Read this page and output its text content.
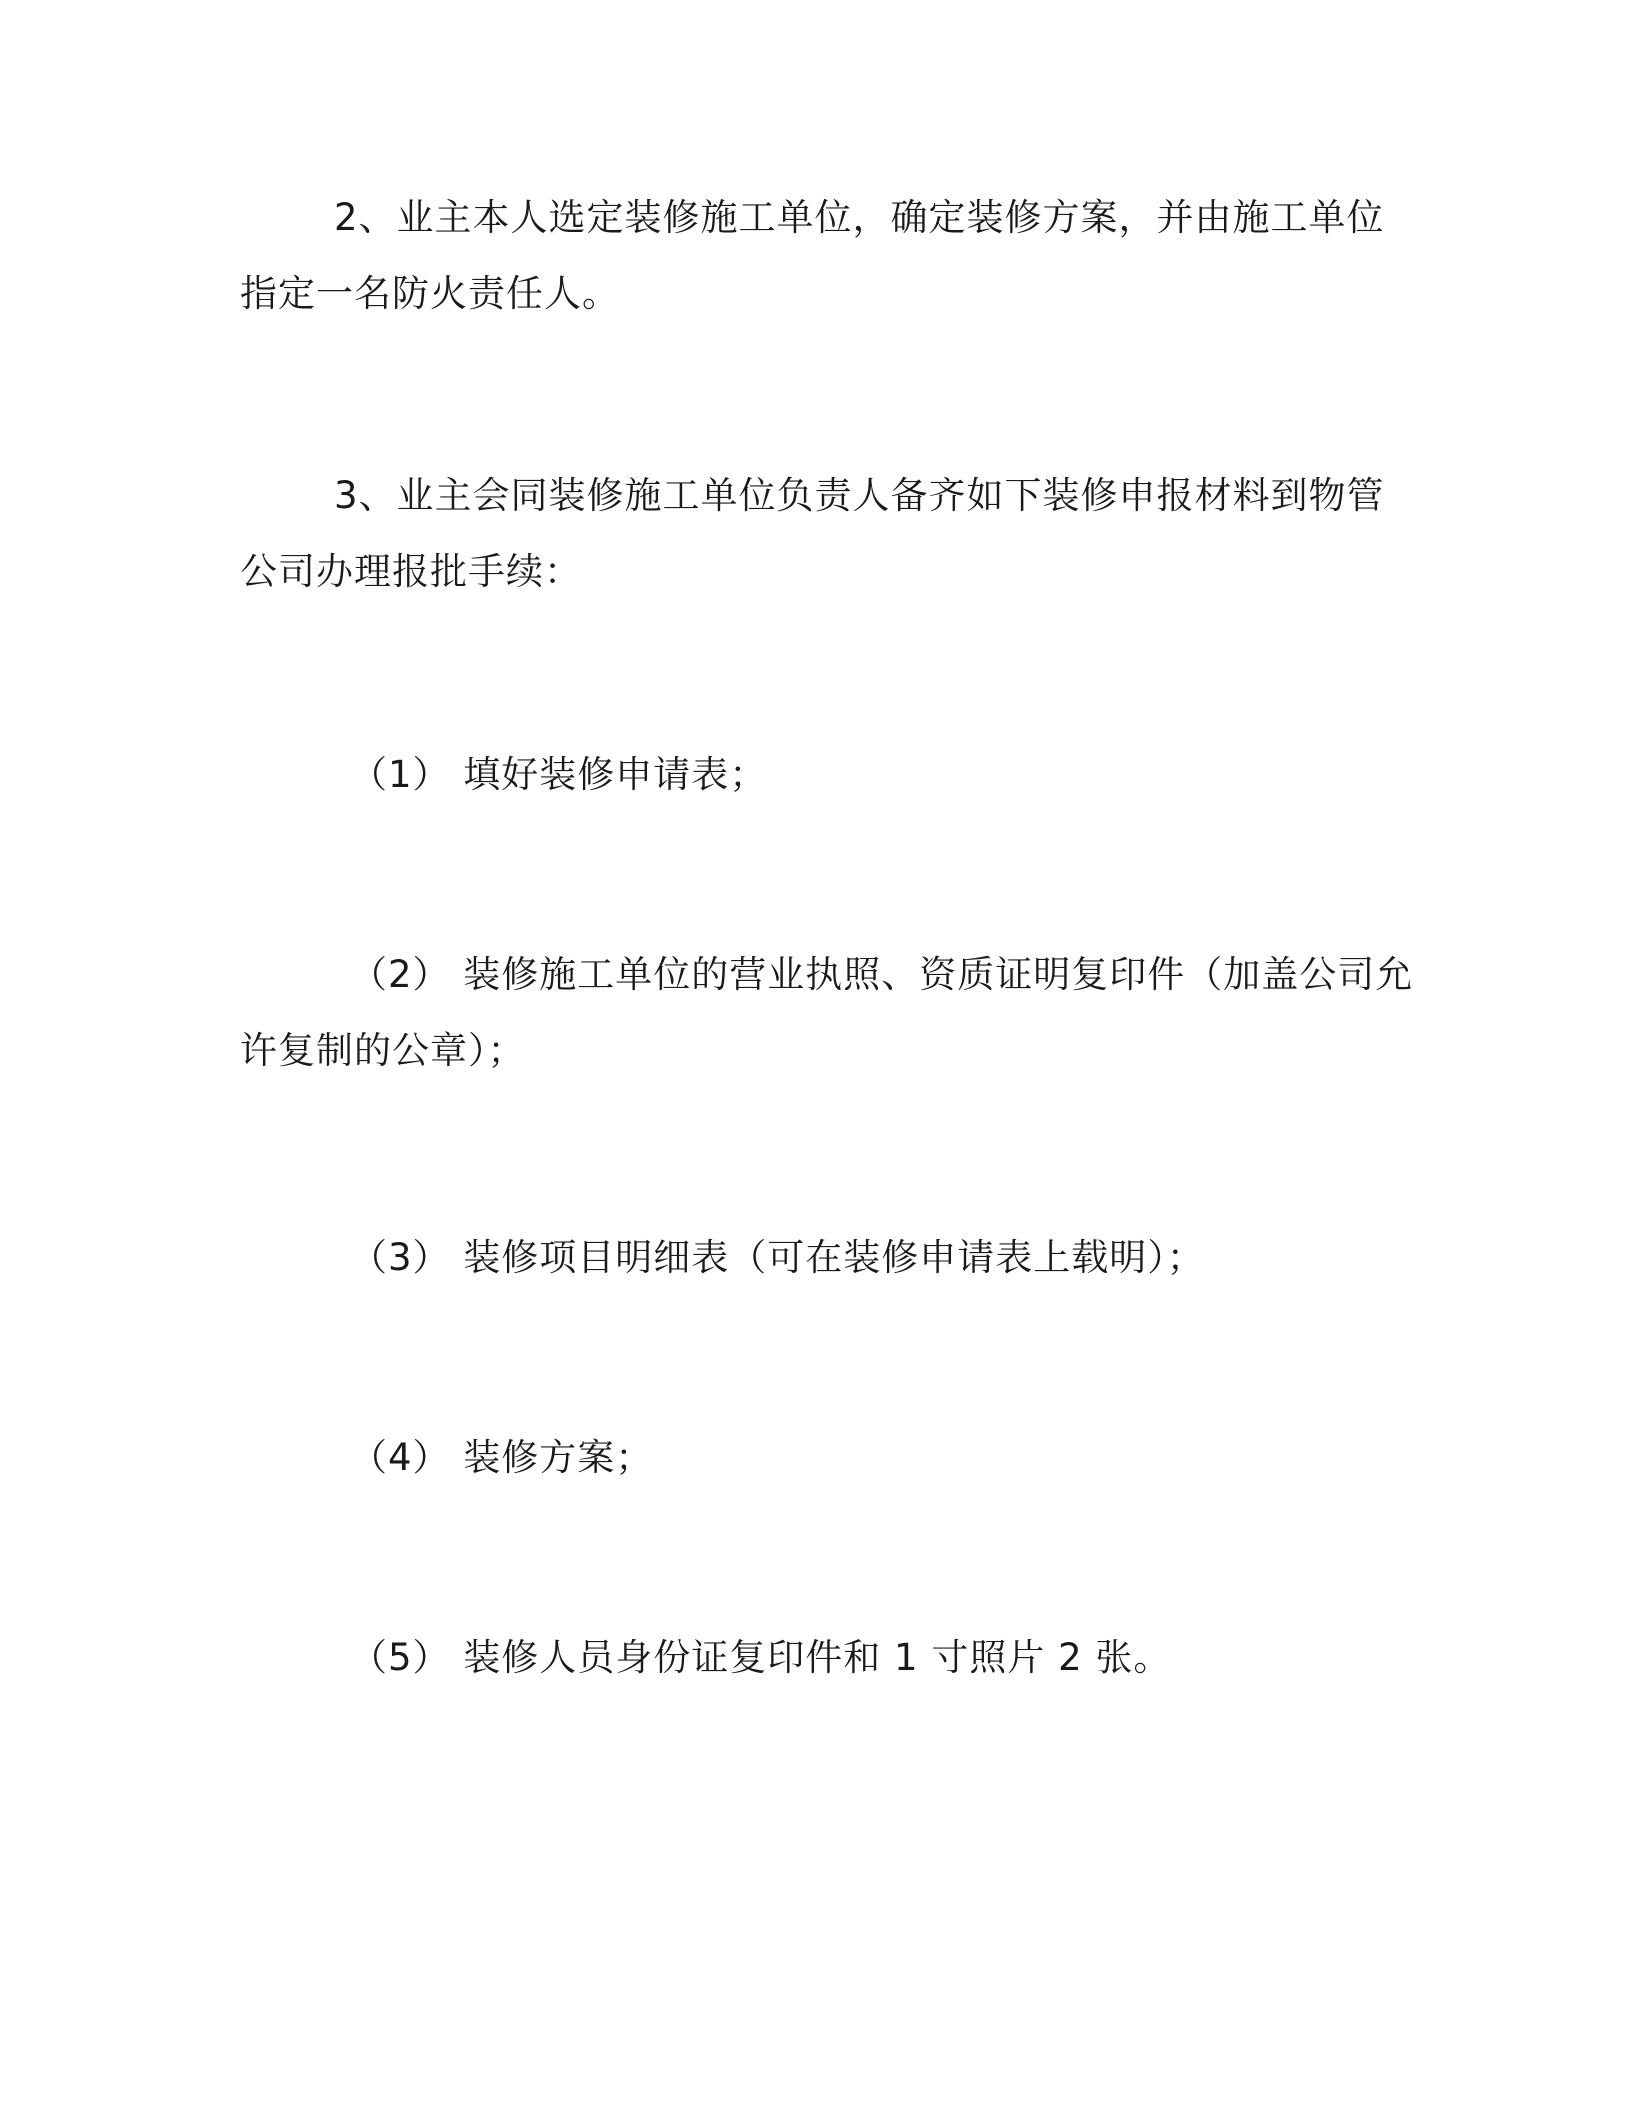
2、业主本人选定装修施工单位，确定装修方案，并由施工单位
指定一名防火责任人。

3、业主会同装修施工单位负责人备齐如下装修申报材料到物管
公司办理报批手续：

（1） 填好装修申请表；

（2） 装修施工单位的营业执照、资质证明复印件（加盖公司允
许复制的公章）；

（3） 装修项目明细表（可在装修申请表上载明）；

（4） 装修方案；

（5） 装修人员身份证复印件和 1 寸照片 2 张。
